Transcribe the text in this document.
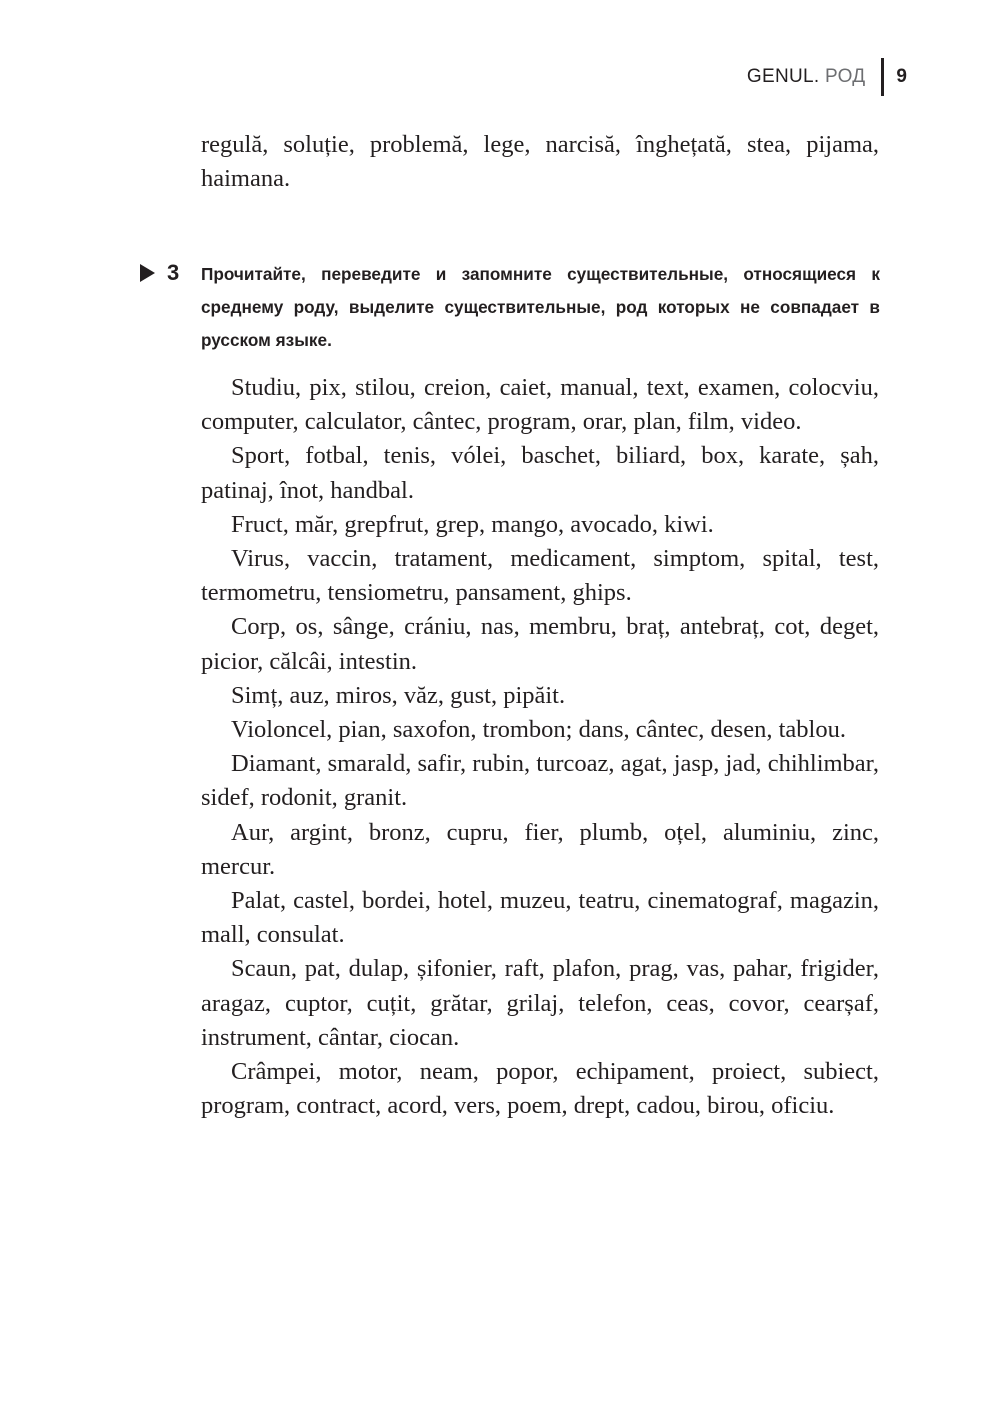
GENUL. РОД 9

regulă, soluție, problemă, lege, narcisă, înghețată, stea, pijama, haimana.

3 Прочитайте, переведите и запомните существительные, относящиеся к среднему роду, выделите существительные, род которых не совпадает в русском языке.

Studiu, pix, stilou, creion, caiet, manual, text, examen, colocviu, computer, calculator, cântec, program, orar, plan, film, video.

Sport, fotbal, tenis, vólei, baschet, biliard, box, karate, șah, patinaj, înot, handbal.

Fruct, măr, grepfrut, grep, mango, avocado, kiwi.

Virus, vaccin, tratament, medicament, simptom, spital, test, termometru, tensiometru, pansament, ghips.

Corp, os, sânge, crániu, nas, membru, braț, antebraț, cot, deget, picior, călcâi, intestin.

Simț, auz, miros, văz, gust, pipăit.

Violoncel, pian, saxofon, trombon; dans, cântec, desen, tablou.

Diamant, smarald, safir, rubin, turcoaz, agat, jasp, jad, chihlimbar, sidef, rodonit, granit.

Aur, argint, bronz, cupru, fier, plumb, oțel, aluminiu, zinc, mercur.

Palat, castel, bordei, hotel, muzeu, teatru, cinematograf, magazin, mall, consulat.

Scaun, pat, dulap, șifonier, raft, plafon, prag, vas, pahar, frigider, aragaz, cuptor, cuțit, grătar, grilaj, telefon, ceas, covor, cearșaf, instrument, cântar, ciocan.

Crâmpei, motor, neam, popor, echipament, proiect, subiect, program, contract, acord, vers, poem, drept, cadou, birou, oficiu.
